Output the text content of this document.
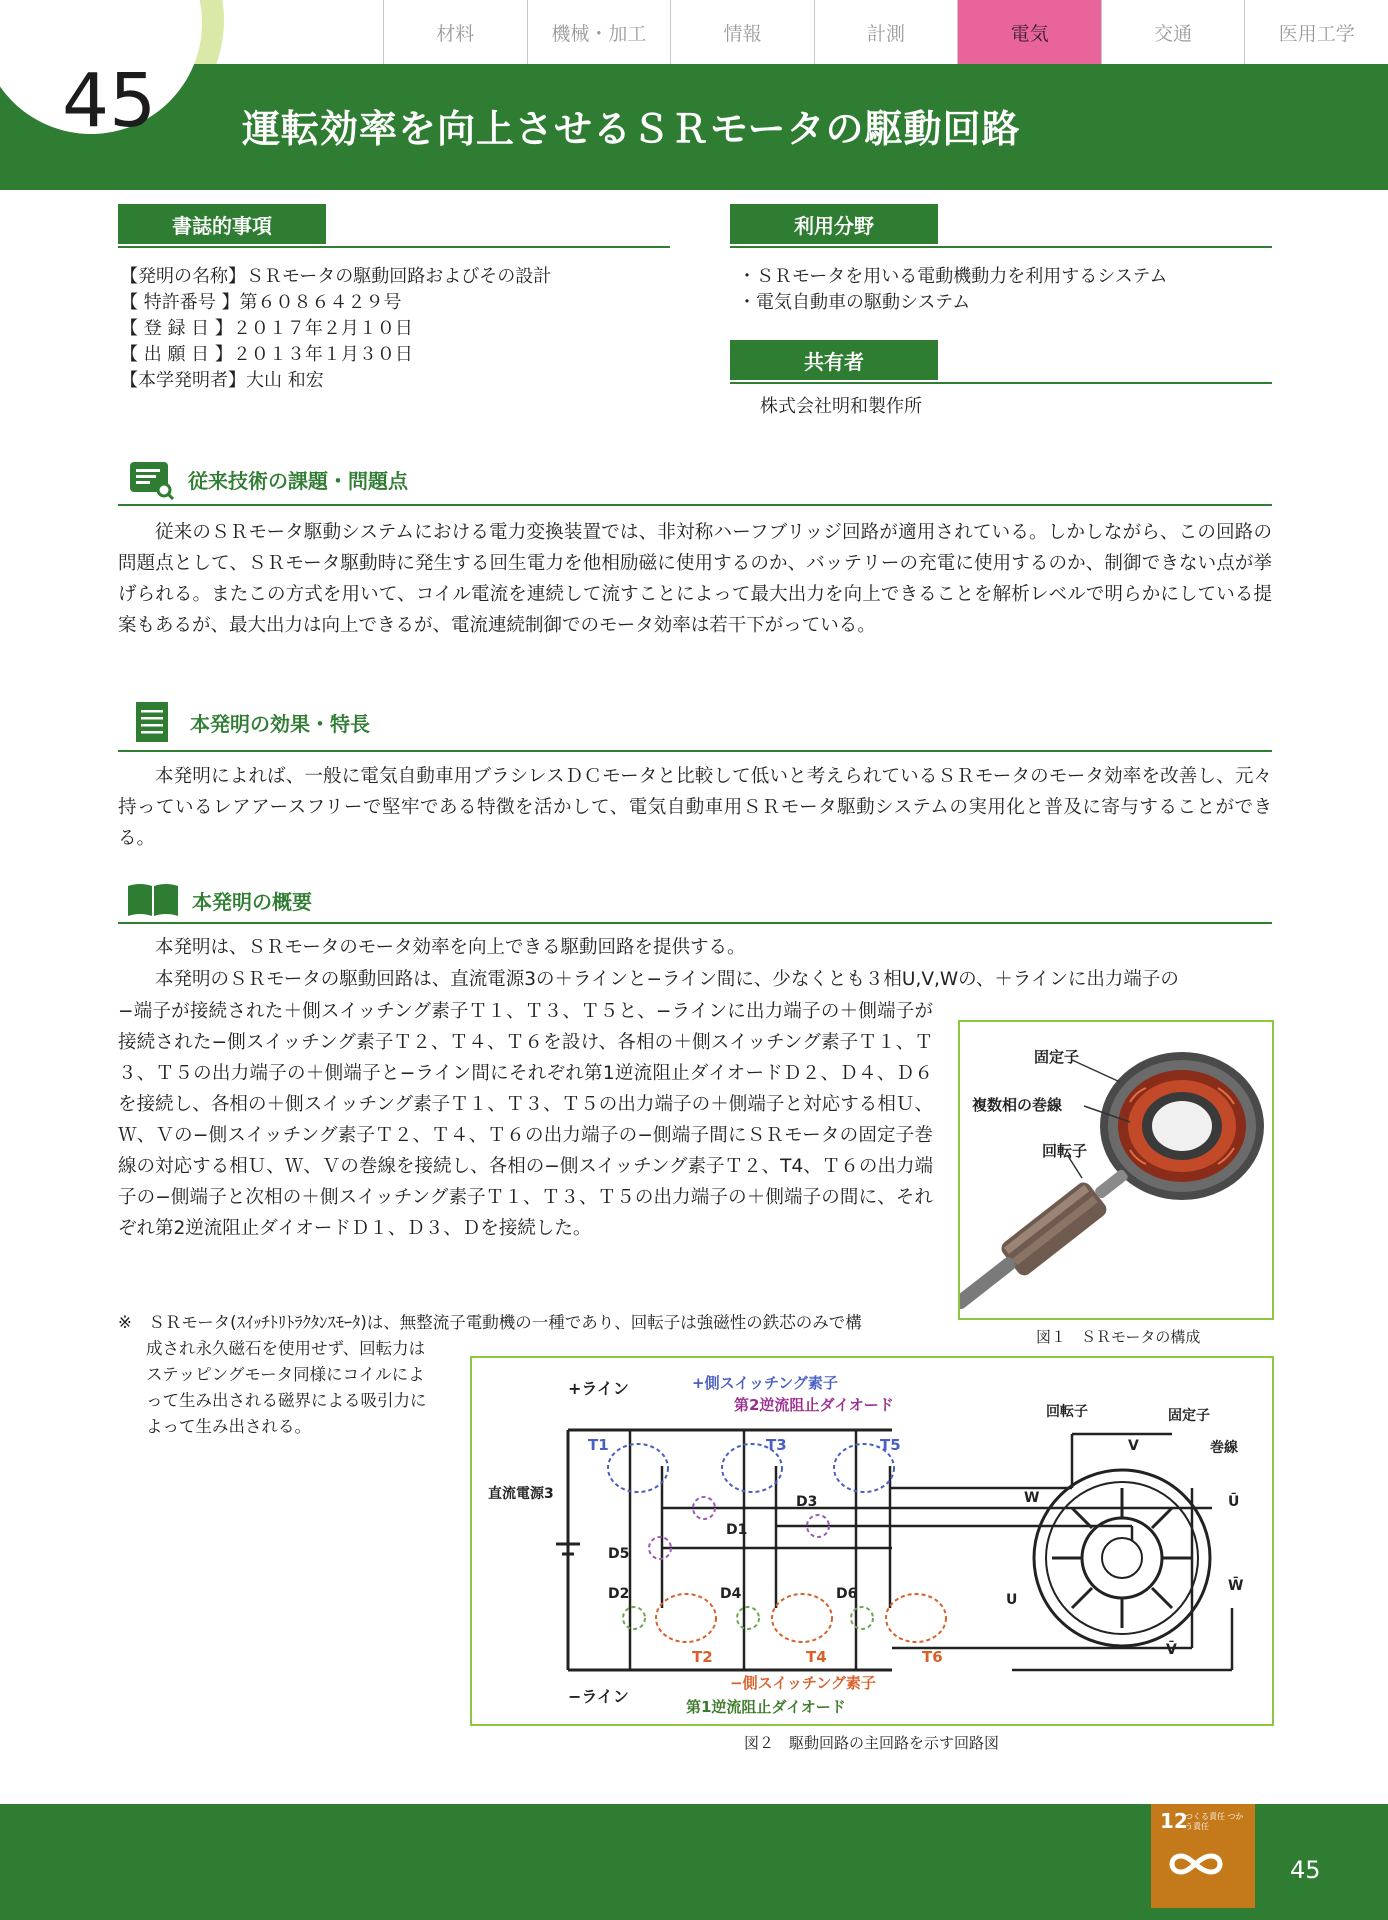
45
材料	機械・加工	情報	計測	電気	交通	医用工学
運転効率を向上させるＳＲモータの駆動回路
書誌的事項
【発明の名称】ＳＲモータの駆動回路およびその設計
【 特許番号 】第６０８６４２９号
【 登 録 日 】２０１７年２月１０日
【 出 願 日 】２０１３年１月３０日
【本学発明者】大山 和宏
利用分野
・ＳＲモータを用いる電動機動力を利用するシステム
・電気自動車の駆動システム
共有者
株式会社明和製作所
従来技術の課題・問題点
従来のＳＲモータ駆動システムにおける電力変換装置では、非対称ハーフブリッジ回路が適用されている。しかしながら、この回路の問題点として、ＳＲモータ駆動時に発生する回生電力を他相励磁に使用するのか、バッテリーの充電に使用するのか、制御できない点が挙げられる。またこの方式を用いて、コイル電流を連続して流すことによって最大出力を向上できることを解析レベルで明らかにしている提案もあるが、最大出力は向上できるが、電流連続制御でのモータ効率は若干下がっている。
本発明の効果・特長
本発明によれば、一般に電気自動車用ブラシレスＤＣモータと比較して低いと考えられているＳＲモータのモータ効率を改善し、元々持っているレアアースフリーで堅牢である特徴を活かして、電気自動車用ＳＲモータ駆動システムの実用化と普及に寄与することができる。
本発明の概要
本発明は、ＳＲモータのモータ効率を向上できる駆動回路を提供する。
本発明のＳＲモータの駆動回路は、直流電源3の＋ラインと−ライン間に、少なくとも３相U,V,Wの、＋ラインに出力端子の
−端子が接続された＋側スイッチング素子Ｔ１、Ｔ３、Ｔ５と、−ラインに出力端子の＋側端子が接続された−側スイッチング素子Ｔ２、Ｔ４、Ｔ６を設け、各相の＋側スイッチング素子Ｔ１、Ｔ３、Ｔ５の出力端子の＋側端子と−ライン間にそれぞれ第1逆流阻止ダイオードＤ２、Ｄ４、Ｄ６を接続し、各相の＋側スイッチング素子Ｔ１、Ｔ３、Ｔ５の出力端子の＋側端子と対応する相Ｕ、Ｗ、Ｖの−側スイッチング素子Ｔ２、Ｔ４、Ｔ６の出力端子の−側端子間にＳＲモータの固定子巻線の対応する相Ｕ、Ｗ、Ｖの巻線を接続し、各相の−側スイッチング素子Ｔ２、T4、Ｔ６の出力端子の−側端子と次相の＋側スイッチング素子Ｔ１、Ｔ３、Ｔ５の出力端子の＋側端子の間に、それぞれ第2逆流阻止ダイオードＤ１、Ｄ３、Ｄを接続した。
※　ＳＲモータ(ｽｲｯﾁﾄﾘﾄﾗｸﾀﾝｽﾓｰﾀ)は、無整流子電動機の一種であり、回転子は強磁性の鉄芯のみで構
成され永久磁石を使用せず、回転力はステッピングモータ同様にコイルによって生み出される磁界による吸引力によって生み出される。
固定子
複数相の巻線
回転子
図１　ＳＲモータの構成
+ライン
−ライン
+側スイッチング素子
第2逆流阻止ダイオード
−側スイッチング素子
第1逆流阻止ダイオード
直流電源3
回転子	固定子
巻線
T1	T3	T5
T2	T4	T6
D1
D2
D3
D4
D5
D6	U
V
W	Ū
V̄
W̄
図２　駆動回路の主回路を示す回路図
12
つくる責任 つかう責任
45
